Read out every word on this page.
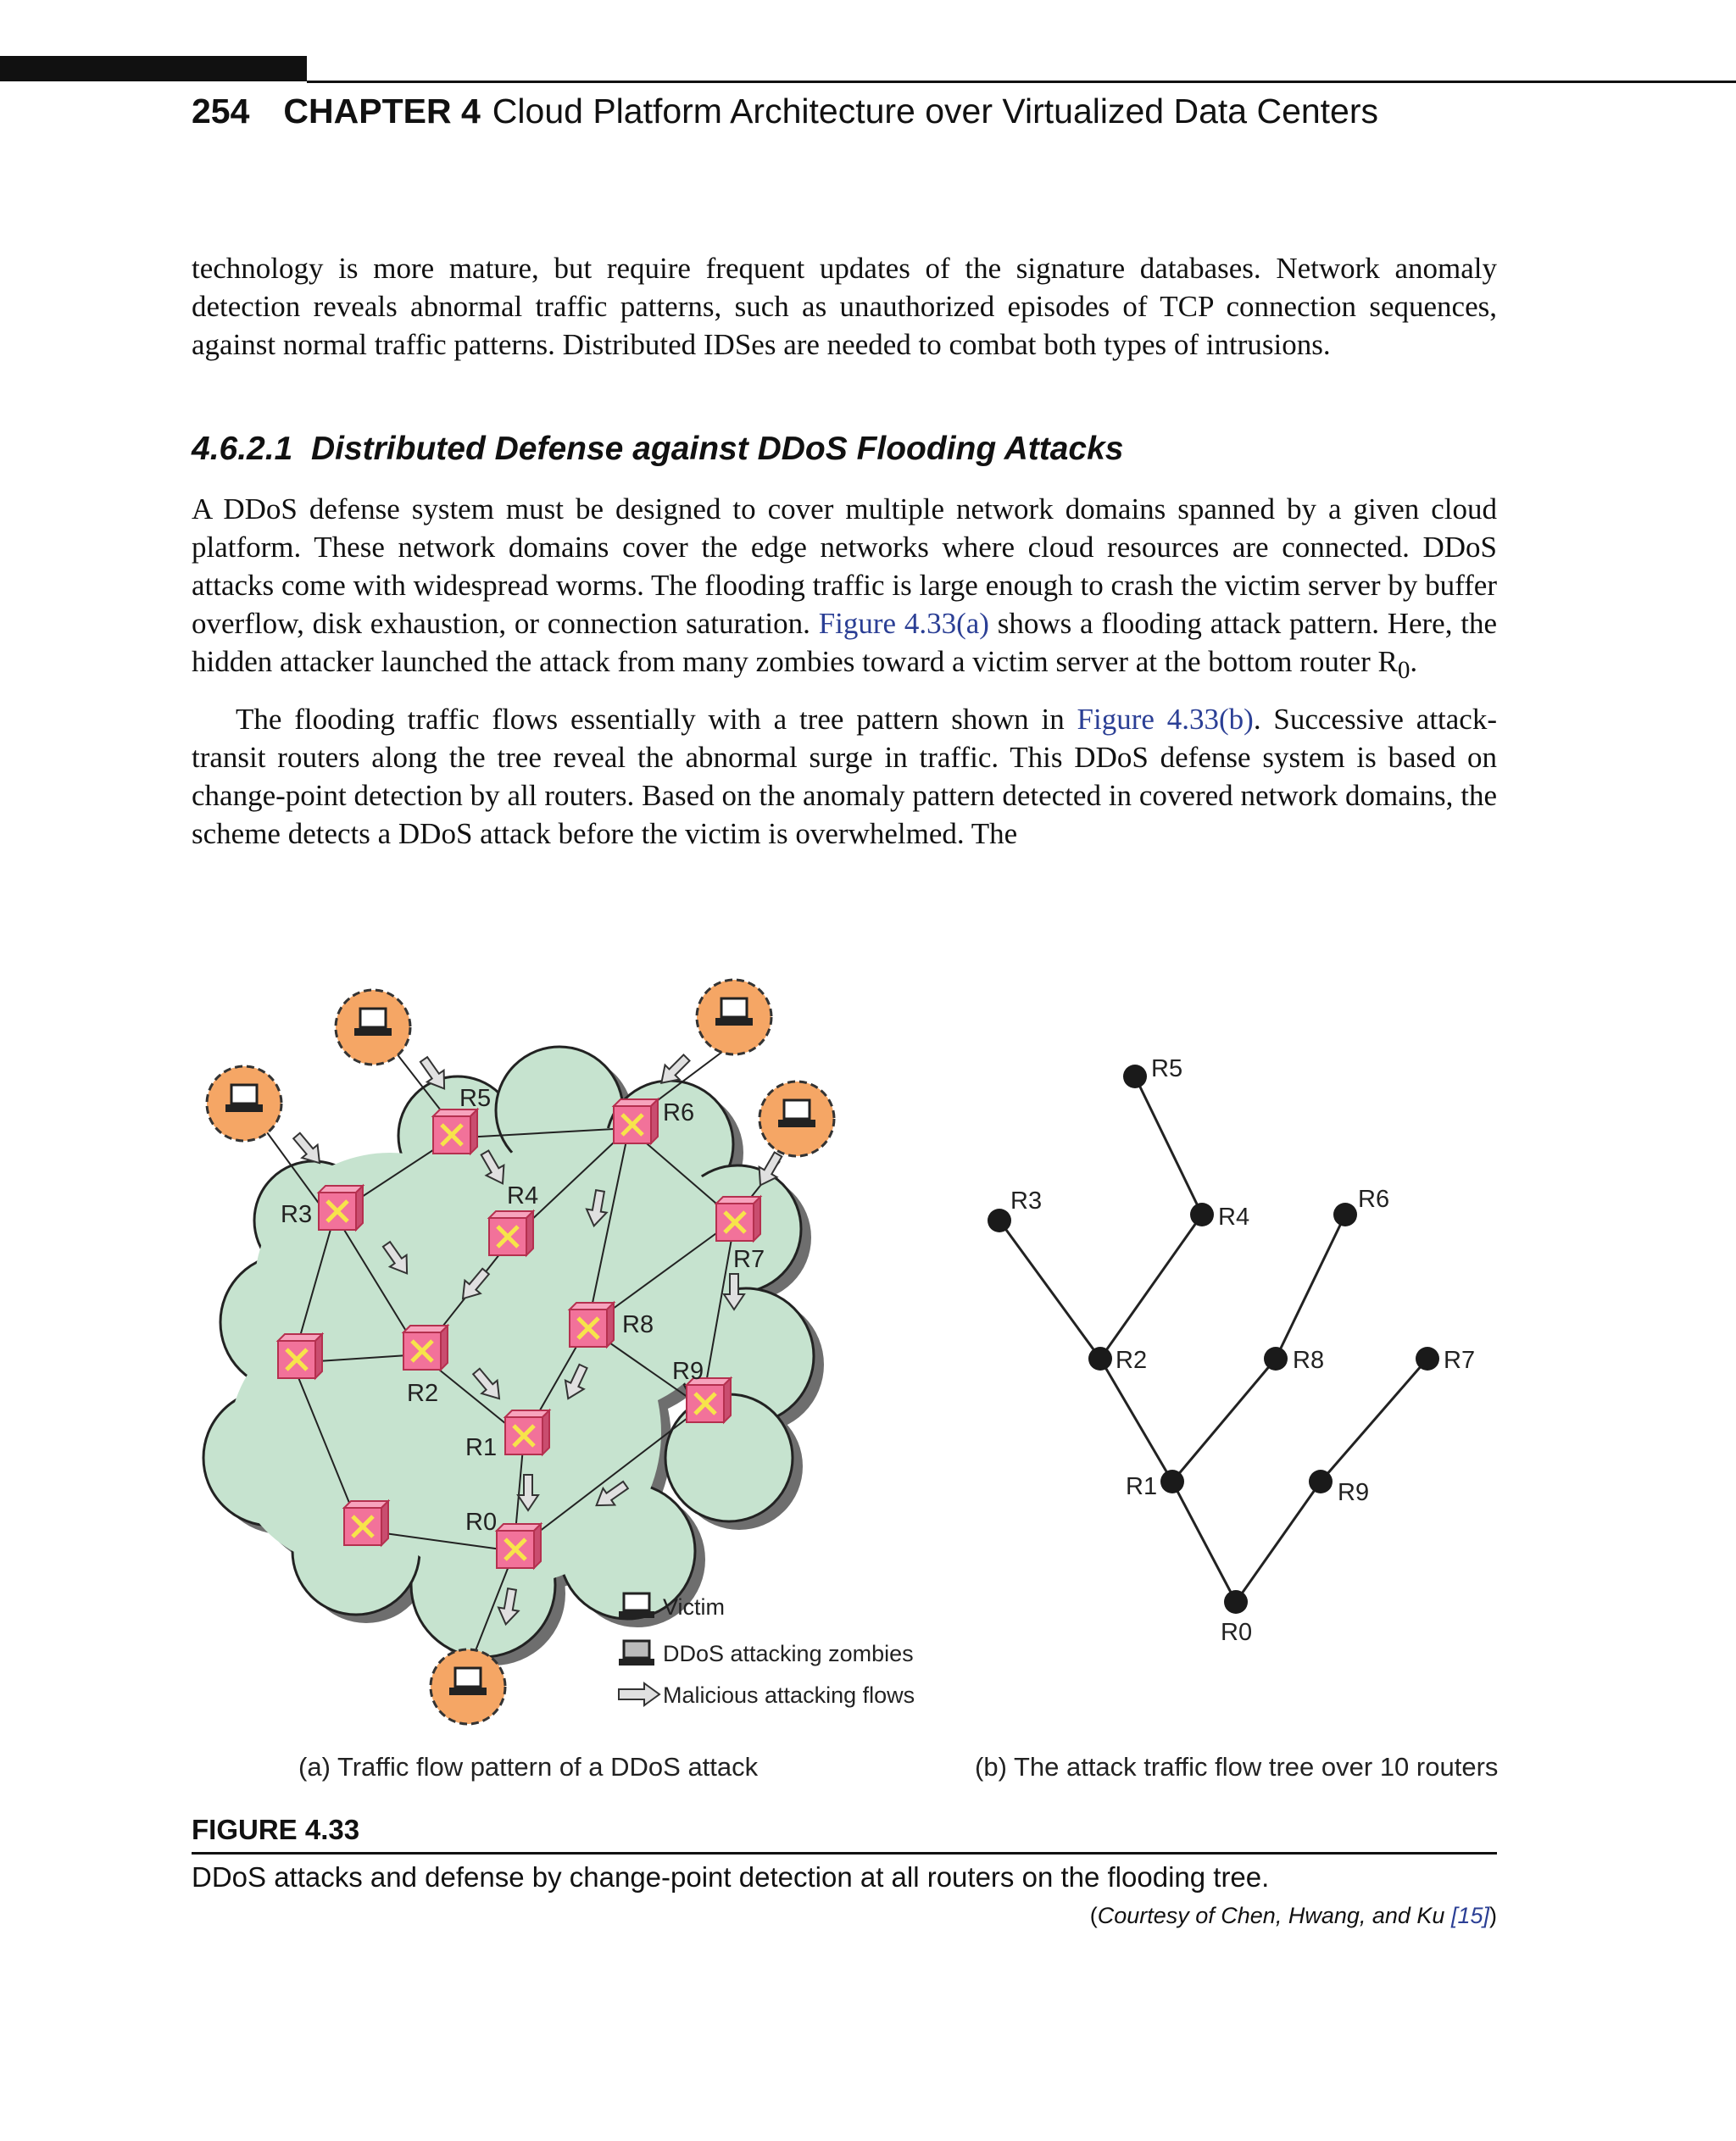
254 CHAPTER 4 Cloud Platform Architecture over Virtualized Data Centers

technology is more mature, but require frequent updates of the signature databases. Network anomaly detection reveals abnormal traffic patterns, such as unauthorized episodes of TCP connection sequences, against normal traffic patterns. Distributed IDSes are needed to combat both types of intrusions.

4.6.2.1 Distributed Defense against DDoS Flooding Attacks

A DDoS defense system must be designed to cover multiple network domains spanned by a given cloud platform. These network domains cover the edge networks where cloud resources are connected. DDoS attacks come with widespread worms. The flooding traffic is large enough to crash the victim server by buffer overflow, disk exhaustion, or connection saturation. Figure 4.33(a) shows a flooding attack pattern. Here, the hidden attacker launched the attack from many zombies toward a victim server at the bottom router $R_0$.

The flooding traffic flows essentially with a tree pattern shown in Figure 4.33(b). Successive attack-transit routers along the tree reveal the abnormal surge in traffic. This DDoS defense system is based on change-point detection by all routers. Based on the anomaly pattern detected in covered network domains, the scheme detects a DDoS attack before the victim is overwhelmed. The

R5
R6
R3
R4
R7
R8
R2
R9
R1
R0
Victim
DDoS attacking zombies
Malicious attacking flows
R5
R3
R4
R6
R2	R8	R7
R1	R9
R0
(a) Traffic flow pattern of a DDoS attack	(b) The attack traffic flow tree over 10 routers
FIGURE 4.33
DDoS attacks and defense by change-point detection at all routers on the flooding tree.
(Courtesy of Chen, Hwang, and Ku [15])
